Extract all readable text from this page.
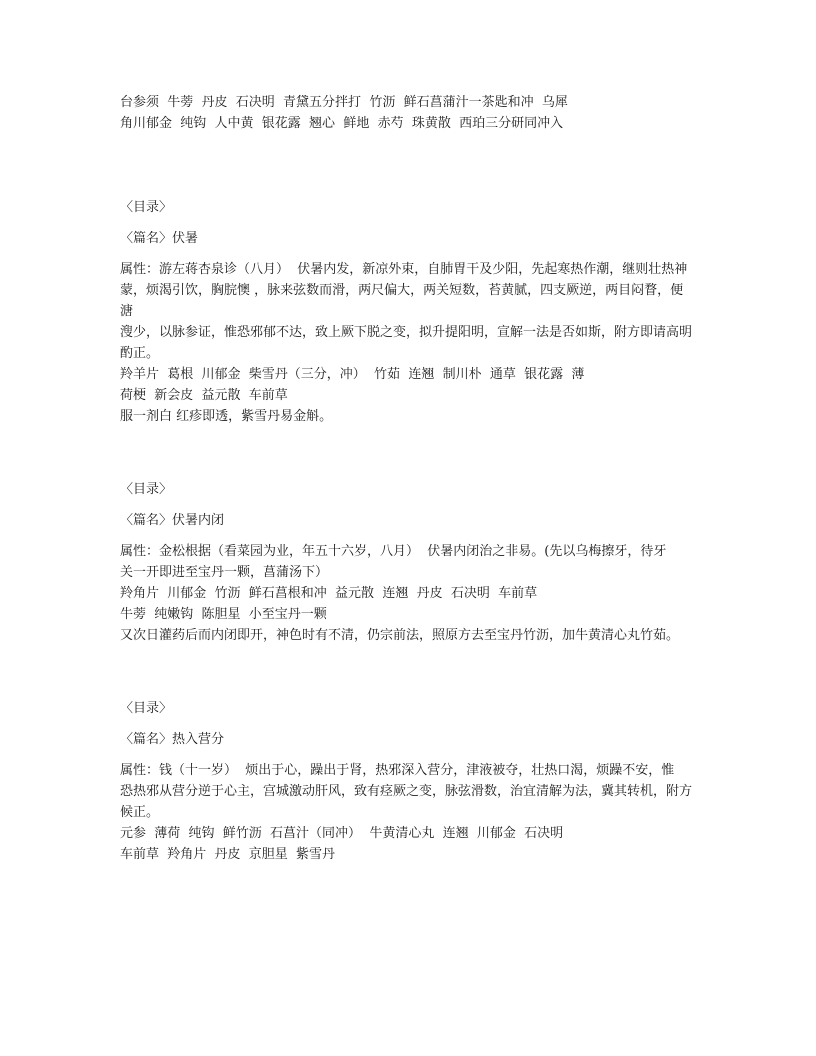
台参须  牛蒡  丹皮  石决明  青黛五分拌打  竹沥  鲜石菖蒲汁一茶匙和冲  乌犀

角川郁金  纯钩  人中黄  银花露  翘心  鲜地  赤芍  珠黄散  西珀三分研同冲入

〈目录〉

〈篇名〉伏暑

属性：游左蒋杏泉诊（八月）  伏暑内发，新凉外束，自肺胃干及少阳，先起寒热作潮，继则壮热神蒙，烦渴引饮，胸脘懊 ，脉来弦数而滑，两尺偏大，两关短数，苔黄腻，四支厥逆，两目闷瞀，便溏

溲少，以脉参证，惟恐邪郁不达，致上厥下脱之变，拟升提阳明，宣解一法是否如斯，附方即请高明酌正。

羚羊片  葛根  川郁金  柴雪丹（三分，冲）  竹茹  连翘  制川朴  通草  银花露  薄

荷梗  新会皮  益元散  车前草

服一剂白 红疹即透，紫雪丹易金斛。

〈目录〉

〈篇名〉伏暑内闭

属性：金松根据（看菜园为业，年五十六岁，八月）  伏暑内闭治之非易。(先以乌梅擦牙，待牙

关一开即进至宝丹一颗，菖蒲汤下）

羚角片  川郁金  竹沥  鲜石菖根和冲  益元散  连翘  丹皮  石决明  车前草

牛蒡  纯嫩钩  陈胆星  小至宝丹一颗

又次日灌药后而内闭即开，神色时有不清，仍宗前法，照原方去至宝丹竹沥，加牛黄清心丸竹茹。

〈目录〉

〈篇名〉热入营分

属性：钱（十一岁）  烦出于心，躁出于肾，热邪深入营分，津液被夺，壮热口渴，烦躁不安，惟

恐热邪从营分逆于心主，宫城激动肝风，致有痉厥之变，脉弦滑数，治宜清解为法，冀其转机，附方候正。

元参  薄荷  纯钩  鲜竹沥  石菖汁（同冲）  牛黄清心丸  连翘  川郁金  石决明

车前草  羚角片  丹皮  京胆星  紫雪丹
